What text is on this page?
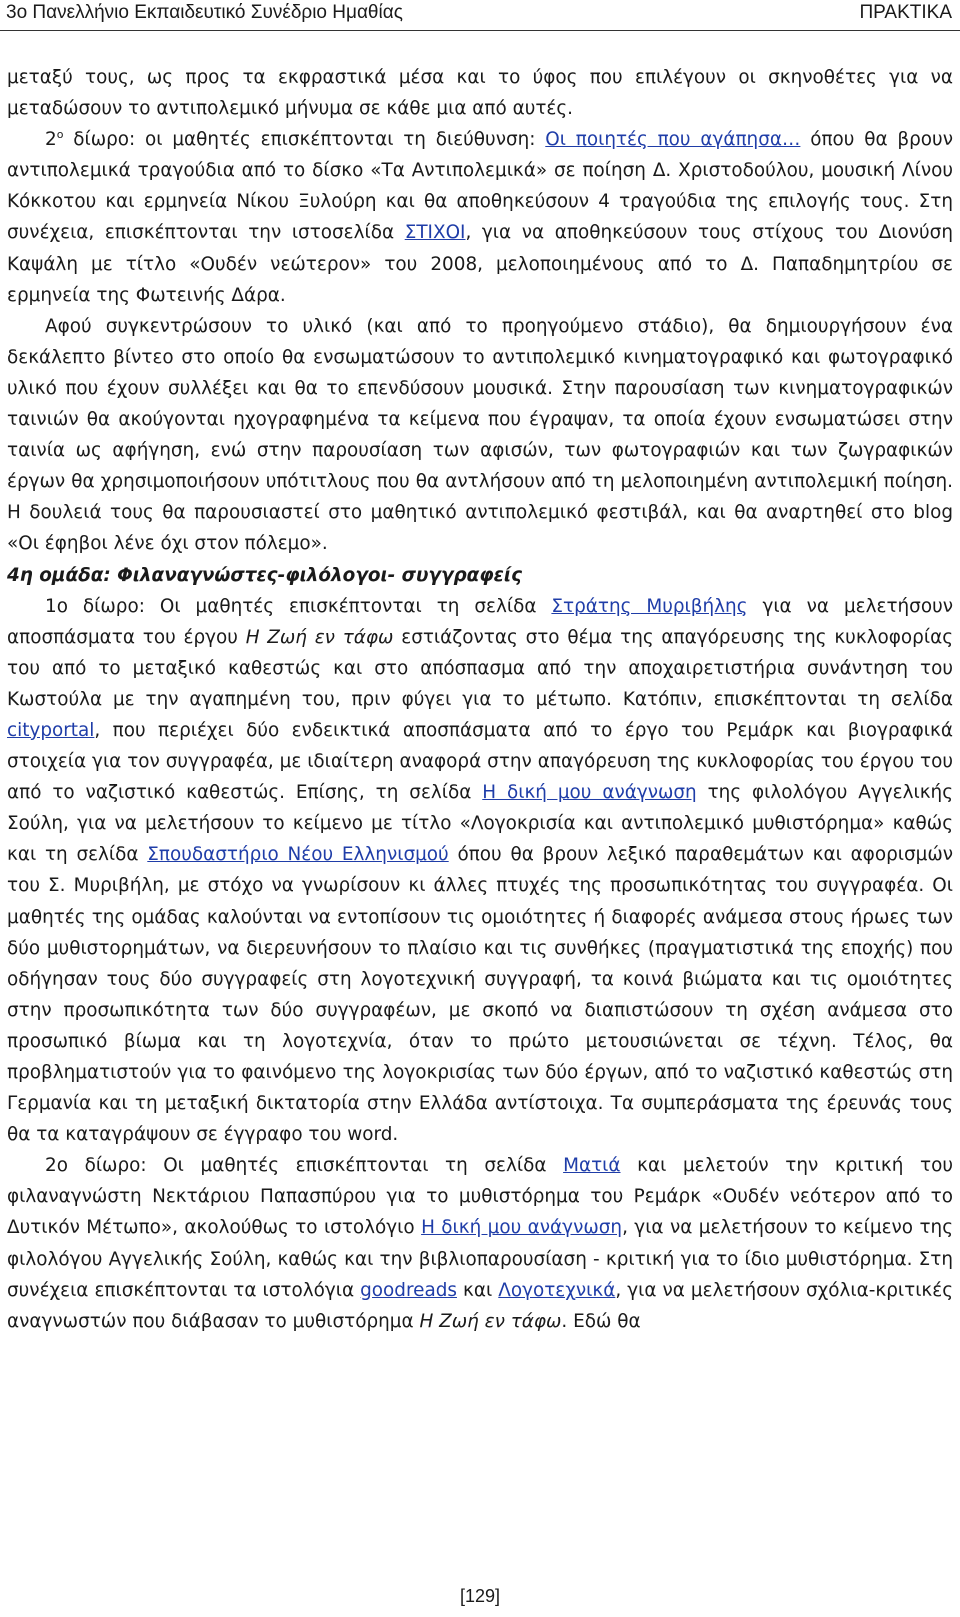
3ο Πανελλήνιο Εκπαιδευτικό Συνέδριο Ημαθίας	ΠΡΑΚΤΙΚΑ

μεταξύ τους, ως προς τα εκφραστικά μέσα και το ύφος που επιλέγουν οι σκηνοθέτες για να μεταδώσουν το αντιπολεμικό μήνυμα σε κάθε μια από αυτές.

$2^o$ δίωρο: οι μαθητές επισκέπτονται τη διεύθυνση: Οι ποιητές που αγάπησα… όπου θα βρουν αντιπολεμικά τραγούδια από το δίσκο «Τα Αντιπολεμικά» σε ποίηση Δ. Χριστοδούλου, μουσική Λίνου Κόκκοτου και ερμηνεία Νίκου Ξυλούρη και θα αποθηκεύσουν 4 τραγούδια της επιλογής τους. Στη συνέχεια, επισκέπτονται την ιστοσελίδα ΣΤΙΧΟΙ, για να αποθηκεύσουν τους στίχους του Διονύση Καψάλη με τίτλο «Ουδέν νεώτερον» του 2008, μελοποιημένους από το Δ. Παπαδημητρίου σε ερμηνεία της Φωτεινής Δάρα.

Αφού συγκεντρώσουν το υλικό (και από το προηγούμενο στάδιο), θα δημιουργήσουν ένα δεκάλεπτο βίντεο στο οποίο θα ενσωματώσουν το αντιπολεμικό κινηματογραφικό και φωτογραφικό υλικό που έχουν συλλέξει και θα το επενδύσουν μουσικά. Στην παρουσίαση των κινηματογραφικών ταινιών θα ακούγονται ηχογραφημένα τα κείμενα που έγραψαν, τα οποία έχουν ενσωματώσει στην ταινία ως αφήγηση, ενώ στην παρουσίαση των αφισών, των φωτογραφιών και των ζωγραφικών έργων θα χρησιμοποιήσουν υπότιτλους που θα αντλήσουν από τη μελοποιημένη αντιπολεμική ποίηση. Η δουλειά τους θα παρουσιαστεί στο μαθητικό αντιπολεμικό φεστιβάλ, και θα αναρτηθεί στο blog «Οι έφηβοι λένε όχι στον πόλεμο».

4η ομάδα: Φιλαναγνώστες-φιλόλογοι- συγγραφείς

1ο δίωρο: Οι μαθητές επισκέπτονται τη σελίδα Στράτης Μυριβήλης για να μελετήσουν αποσπάσματα του έργου Η Ζωή εν τάφω εστιάζοντας στο θέμα της απαγόρευσης της κυκλοφορίας του από το μεταξικό καθεστώς και στο απόσπασμα από την αποχαιρετιστήρια συνάντηση του Κωστούλα με την αγαπημένη του, πριν φύγει για το μέτωπο. Κατόπιν, επισκέπτονται τη σελίδα cityportal, που περιέχει δύο ενδεικτικά αποσπάσματα από το έργο του Ρεμάρκ και βιογραφικά στοιχεία για τον συγγραφέα, με ιδιαίτερη αναφορά στην απαγόρευση της κυκλοφορίας του έργου του από το ναζιστικό καθεστώς. Επίσης, τη σελίδα Η δική μου ανάγνωση της φιλολόγου Αγγελικής Σούλη, για να μελετήσουν το κείμενο με τίτλο «Λογοκρισία και αντιπολεμικό μυθιστόρημα» καθώς και τη σελίδα Σπουδαστήριο Νέου Ελληνισμού όπου θα βρουν λεξικό παραθεμάτων και αφορισμών του Σ. Μυριβήλη, με στόχο να γνωρίσουν κι άλλες πτυχές της προσωπικότητας του συγγραφέα. Οι μαθητές της ομάδας καλούνται να εντοπίσουν τις ομοιότητες ή διαφορές ανάμεσα στους ήρωες των δύο μυθιστορημάτων, να διερευνήσουν το πλαίσιο και τις συνθήκες (πραγματιστικά της εποχής) που οδήγησαν τους δύο συγγραφείς στη λογοτεχνική συγγραφή, τα κοινά βιώματα και τις ομοιότητες στην προσωπικότητα των δύο συγγραφέων, με σκοπό να διαπιστώσουν τη σχέση ανάμεσα στο προσωπικό βίωμα και τη λογοτεχνία, όταν το πρώτο μετουσιώνεται σε τέχνη. Τέλος, θα προβληματιστούν για το φαινόμενο της λογοκρισίας των δύο έργων, από το ναζιστικό καθεστώς στη Γερμανία και τη μεταξική δικτατορία στην Ελλάδα αντίστοιχα. Τα συμπεράσματα της έρευνάς τους θα τα καταγράψουν σε έγγραφο του word.

2ο δίωρο: Οι μαθητές επισκέπτονται τη σελίδα Ματιά και μελετούν την κριτική του φιλαναγνώστη Νεκτάριου Παπασπύρου για το μυθιστόρημα του Ρεμάρκ «Ουδέν νεότερον από το Δυτικόν Μέτωπο», ακολούθως το ιστολόγιο Η δική μου ανάγνωση, για να μελετήσουν το κείμενο της φιλολόγου Αγγελικής Σούλη, καθώς και την βιβλιοπαρουσίαση - κριτική για το ίδιο μυθιστόρημα. Στη συνέχεια επισκέπτονται τα ιστολόγια goodreads και Λογοτεχνικά, για να μελετήσουν σχόλια-κριτικές αναγνωστών που διάβασαν το μυθιστόρημα Η Ζωή εν τάφω. Εδώ θα

[129]
